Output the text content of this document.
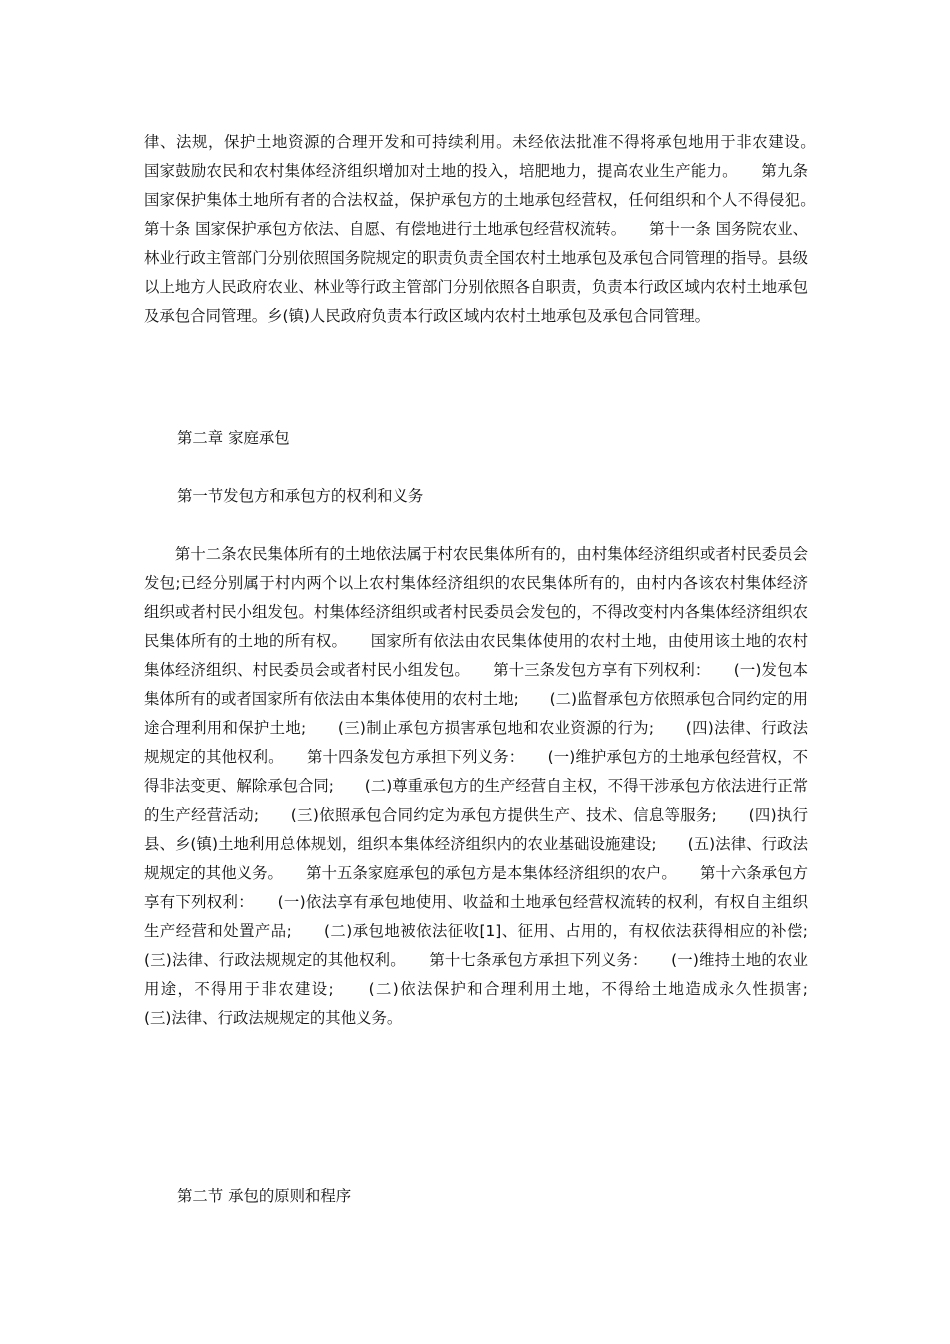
律、法规，保护土地资源的合理开发和可持续利用。未经依法批准不得将承包地用于非农建设。　　国家鼓励农民和农村集体经济组织增加对土地的投入，培肥地力，提高农业生产能力。　　第九条 国家保护集体土地所有者的合法权益，保护承包方的土地承包经营权，任何组织和个人不得侵犯。　　第十条 国家保护承包方依法、自愿、有偿地进行土地承包经营权流转。　　第十一条 国务院农业、林业行政主管部门分别依照国务院规定的职责负责全国农村土地承包及承包合同管理的指导。县级以上地方人民政府农业、林业等行政主管部门分别依照各自职责，负责本行政区域内农村土地承包及承包合同管理。乡(镇)人民政府负责本行政区域内农村土地承包及承包合同管理。

第二章 家庭承包

第一节发包方和承包方的权利和义务

　　第十二条农民集体所有的土地依法属于村农民集体所有的，由村集体经济组织或者村民委员会发包;已经分别属于村内两个以上农村集体经济组织的农民集体所有的，由村内各该农村集体经济组织或者村民小组发包。村集体经济组织或者村民委员会发包的，不得改变村内各集体经济组织农民集体所有的土地的所有权。　　国家所有依法由农民集体使用的农村土地，由使用该土地的农村集体经济组织、村民委员会或者村民小组发包。　　第十三条发包方享有下列权利：　　(一)发包本集体所有的或者国家所有依法由本集体使用的农村土地;　　(二)监督承包方依照承包合同约定的用途合理利用和保护土地;　　(三)制止承包方损害承包地和农业资源的行为;　　(四)法律、行政法规规定的其他权利。　　第十四条发包方承担下列义务：　　(一)维护承包方的土地承包经营权，不得非法变更、解除承包合同;　　(二)尊重承包方的生产经营自主权，不得干涉承包方依法进行正常的生产经营活动;　　(三)依照承包合同约定为承包方提供生产、技术、信息等服务;　　(四)执行县、乡(镇)土地利用总体规划，组织本集体经济组织内的农业基础设施建设;　　(五)法律、行政法规规定的其他义务。　　第十五条家庭承包的承包方是本集体经济组织的农户。　　第十六条承包方享有下列权利：　　(一)依法享有承包地使用、收益和土地承包经营权流转的权利，有权自主组织生产经营和处置产品;　　(二)承包地被依法征收[1]、征用、占用的，有权依法获得相应的补偿;　　(三)法律、行政法规规定的其他权利。　　第十七条承包方承担下列义务：　　(一)维持土地的农业用途，不得用于非农建设;　　(二)依法保护和合理利用土地，不得给土地造成永久性损害;　　(三)法律、行政法规规定的其他义务。

第二节 承包的原则和程序
